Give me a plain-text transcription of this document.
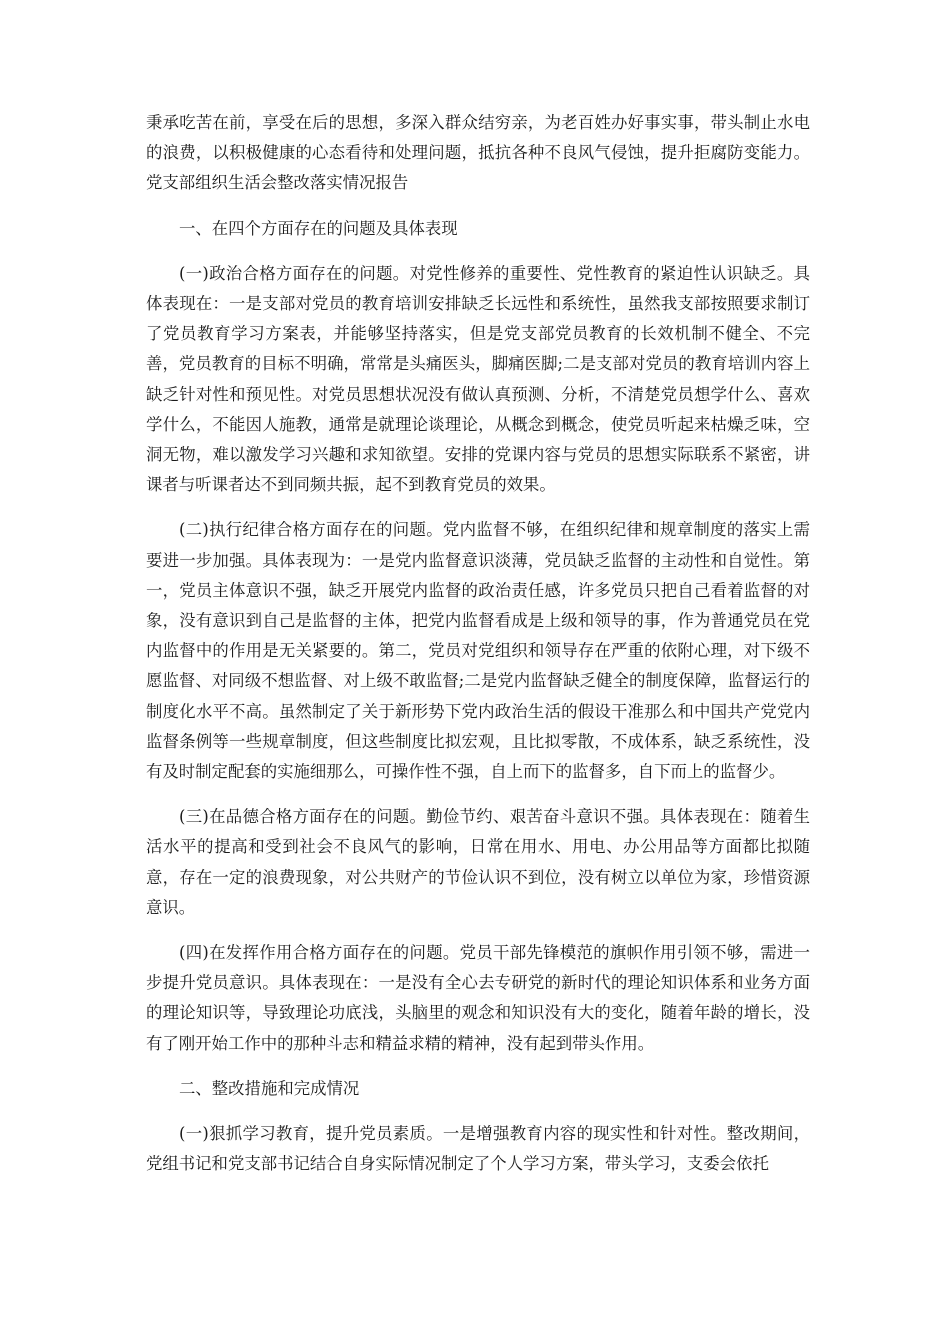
秉承吃苦在前，享受在后的思想，多深入群众结穷亲，为老百姓办好事实事，带头制止水电的浪费，以积极健康的心态看待和处理问题，抵抗各种不良风气侵蚀，提升拒腐防变能力。党支部组织生活会整改落实情况报告

一、在四个方面存在的问题及具体表现

(一)政治合格方面存在的问题。对党性修养的重要性、党性教育的紧迫性认识缺乏。具体表现在：一是支部对党员的教育培训安排缺乏长远性和系统性，虽然我支部按照要求制订了党员教育学习方案表，并能够坚持落实，但是党支部党员教育的长效机制不健全、不完善，党员教育的目标不明确，常常是头痛医头，脚痛医脚;二是支部对党员的教育培训内容上缺乏针对性和预见性。对党员思想状况没有做认真预测、分析，不清楚党员想学什么、喜欢学什么，不能因人施教，通常是就理论谈理论，从概念到概念，使党员听起来枯燥乏味，空洞无物，难以激发学习兴趣和求知欲望。安排的党课内容与党员的思想实际联系不紧密，讲课者与听课者达不到同频共振，起不到教育党员的效果。

(二)执行纪律合格方面存在的问题。党内监督不够，在组织纪律和规章制度的落实上需要进一步加强。具体表现为：一是党内监督意识淡薄，党员缺乏监督的主动性和自觉性。第一，党员主体意识不强，缺乏开展党内监督的政治责任感，许多党员只把自己看着监督的对象，没有意识到自己是监督的主体，把党内监督看成是上级和领导的事，作为普通党员在党内监督中的作用是无关紧要的。第二，党员对党组织和领导存在严重的依附心理，对下级不愿监督、对同级不想监督、对上级不敢监督;二是党内监督缺乏健全的制度保障，监督运行的制度化水平不高。虽然制定了关于新形势下党内政治生活的假设干准那么和中国共产党党内监督条例等一些规章制度，但这些制度比拟宏观，且比拟零散，不成体系，缺乏系统性，没有及时制定配套的实施细那么，可操作性不强，自上而下的监督多，自下而上的监督少。

(三)在品德合格方面存在的问题。勤俭节约、艰苦奋斗意识不强。具体表现在：随着生活水平的提高和受到社会不良风气的影响，日常在用水、用电、办公用品等方面都比拟随意，存在一定的浪费现象，对公共财产的节俭认识不到位，没有树立以单位为家，珍惜资源意识。

(四)在发挥作用合格方面存在的问题。党员干部先锋模范的旗帜作用引领不够，需进一步提升党员意识。具体表现在：一是没有全心去专研党的新时代的理论知识体系和业务方面的理论知识等，导致理论功底浅，头脑里的观念和知识没有大的变化，随着年龄的增长，没有了刚开始工作中的那种斗志和精益求精的精神，没有起到带头作用。

二、整改措施和完成情况

(一)狠抓学习教育，提升党员素质。一是增强教育内容的现实性和针对性。整改期间，党组书记和党支部书记结合自身实际情况制定了个人学习方案，带头学习，支委会依托
